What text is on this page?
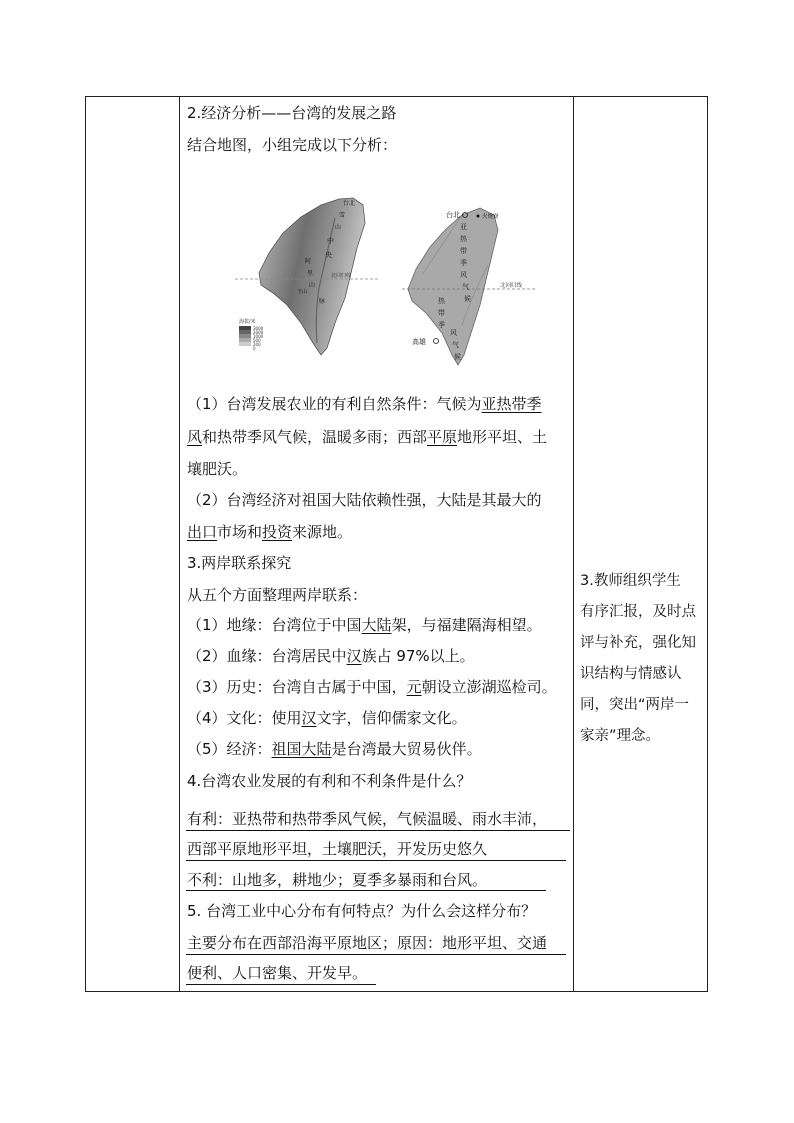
2.经济分析——台湾的发展之路
结合地图，小组完成以下分析：
北回归线
台北
雪
山
中
央
阿
里
山
脉
玉山
海拔/米
3000
2000
1000
500
200
0
北回归线
台北	火烧寮
高雄
亚
热
带
季
风
气
候
热
带
季
风
气
候
（1）台湾发展农业的有利自然条件：气候为亚热带季
风和热带季风气候，温暖多雨；西部平原地形平坦、土
壤肥沃。
（2）台湾经济对祖国大陆依赖性强，大陆是其最大的
出口市场和投资来源地。
3.两岸联系探究
从五个方面整理两岸联系：
（1）地缘：台湾位于中国大陆架，与福建隔海相望。
（2）血缘：台湾居民中汉族占 97%以上。
（3）历史：台湾自古属于中国，元朝设立澎湖巡检司。
（4）文化：使用汉文字，信仰儒家文化。
（5）经济：祖国大陆是台湾最大贸易伙伴。
4.台湾农业发展的有利和不利条件是什么？
有利：亚热带和热带季风气候，气候温暖、雨水丰沛，
西部平原地形平坦，土壤肥沃，开发历史悠久
不利：山地多，耕地少；夏季多暴雨和台风。
5. 台湾工业中心分布有何特点？为什么会这样分布？
主要分布在西部沿海平原地区；原因：地形平坦、交通
便利、人口密集、开发早。
3.教师组织学生
有序汇报，及时点
评与补充，强化知
识结构与情感认
同，突出“两岸一
家亲”理念。
